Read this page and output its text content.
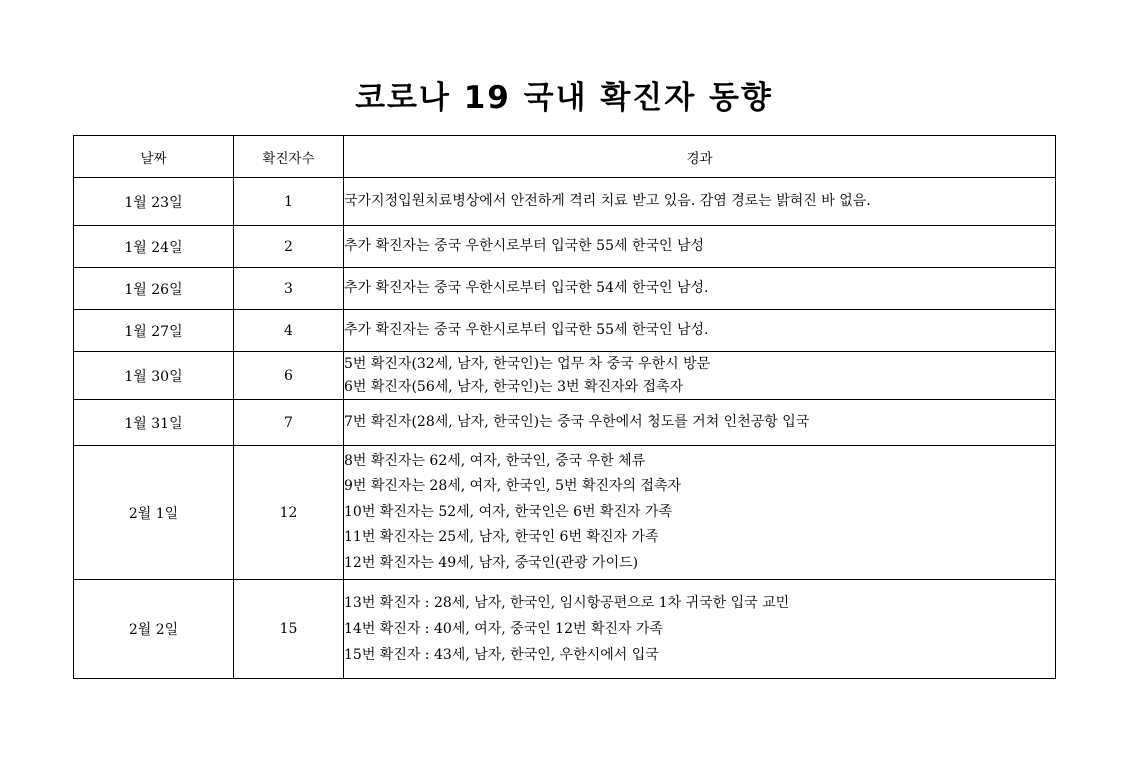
코로나 19 국내 확진자 동향
날짜	확진자수	경과
1월 23일	1	국가지정입원치료병상에서 안전하게 격리 치료 받고 있음. 감염 경로는 밝혀진 바 없음.

1월 24일	2	추가 확진자는 중국 우한시로부터 입국한 55세 한국인 남성

1월 26일	3	추가 확진자는 중국 우한시로부터 입국한 54세 한국인 남성.

1월 27일	4	추가 확진자는 중국 우한시로부터 입국한 55세 한국인 남성.

1월 30일	6	5번 확진자(32세, 남자, 한국인)는 업무 차 중국 우한시 방문
6번 확진자(56세, 남자, 한국인)는 3번 확진자와 접촉자

1월 31일	7	7번 확진자(28세, 남자, 한국인)는 중국 우한에서 청도를 거쳐 인천공항 입국

2월 1일	12	8번 확진자는 62세, 여자, 한국인, 중국 우한 체류
9번 확진자는 28세, 여자, 한국인, 5번 확진자의 접촉자
10번 확진자는 52세, 여자, 한국인은 6번 확진자 가족
11번 확진자는 25세, 남자, 한국인 6번 확진자 가족
12번 확진자는 49세, 남자, 중국인(관광 가이드)

2월 2일	15	13번 확진자 : 28세, 남자, 한국인, 임시항공편으로 1차 귀국한 입국 교민
14번 확진자 : 40세, 여자, 중국인 12번 확진자 가족
15번 확진자 : 43세, 남자, 한국인, 우한시에서 입국
